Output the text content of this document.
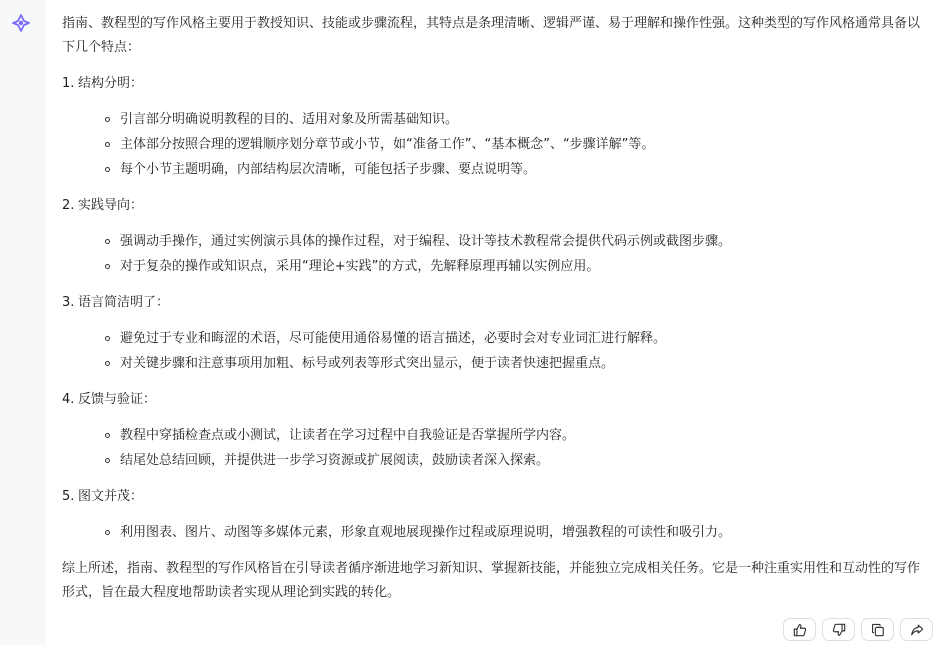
指南、教程型的写作风格主要用于教授知识、技能或步骤流程，其特点是条理清晰、逻辑严谨、易于理解和操作性强。这种类型的写作风格通常具备以下几个特点：

1. 结构分明：
引言部分明确说明教程的目的、适用对象及所需基础知识。
主体部分按照合理的逻辑顺序划分章节或小节，如“准备工作”、“基本概念”、“步骤详解”等。
每个小节主题明确，内部结构层次清晰，可能包括子步骤、要点说明等。
2. 实践导向：
强调动手操作，通过实例演示具体的操作过程，对于编程、设计等技术教程常会提供代码示例或截图步骤。
对于复杂的操作或知识点，采用“理论+实践”的方式，先解释原理再辅以实例应用。
3. 语言简洁明了：
避免过于专业和晦涩的术语，尽可能使用通俗易懂的语言描述，必要时会对专业词汇进行解释。
对关键步骤和注意事项用加粗、标号或列表等形式突出显示，便于读者快速把握重点。
4. 反馈与验证：
教程中穿插检查点或小测试，让读者在学习过程中自我验证是否掌握所学内容。
结尾处总结回顾，并提供进一步学习资源或扩展阅读，鼓励读者深入探索。
5. 图文并茂：
利用图表、图片、动图等多媒体元素，形象直观地展现操作过程或原理说明，增强教程的可读性和吸引力。

综上所述，指南、教程型的写作风格旨在引导读者循序渐进地学习新知识、掌握新技能，并能独立完成相关任务。它是一种注重实用性和互动性的写作形式，旨在最大程度地帮助读者实现从理论到实践的转化。
